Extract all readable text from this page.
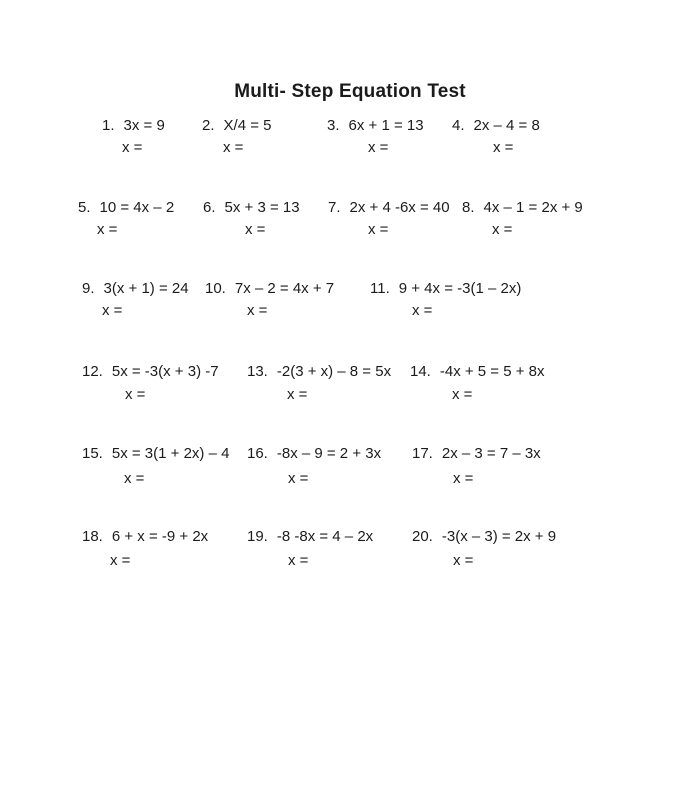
Multi- Step Equation Test
1. 3x = 9
x =
2. X/4 = 5
x =
3. 6x + 1 = 13
x =
4. 2x – 4 = 8
x =
5. 10 = 4x – 2
x =
6. 5x + 3 = 13
x =
7. 2x + 4 -6x = 40
x =
8. 4x – 1 = 2x + 9
x =
9. 3(x + 1) = 24
x =
10. 7x – 2 = 4x + 7
x =
11. 9 + 4x = -3(1 – 2x)
x =
12. 5x = -3(x + 3) -7
x =
13. -2(3 + x) – 8 = 5x
x =
14. -4x + 5 = 5 + 8x
x =
15. 5x = 3(1 + 2x) – 4
x =
16. -8x – 9 = 2 + 3x
x =
17. 2x – 3 = 7 – 3x
x =
18. 6 + x = -9 + 2x
x =
19. -8 -8x = 4 – 2x
x =
20. -3(x – 3) = 2x + 9
x =
